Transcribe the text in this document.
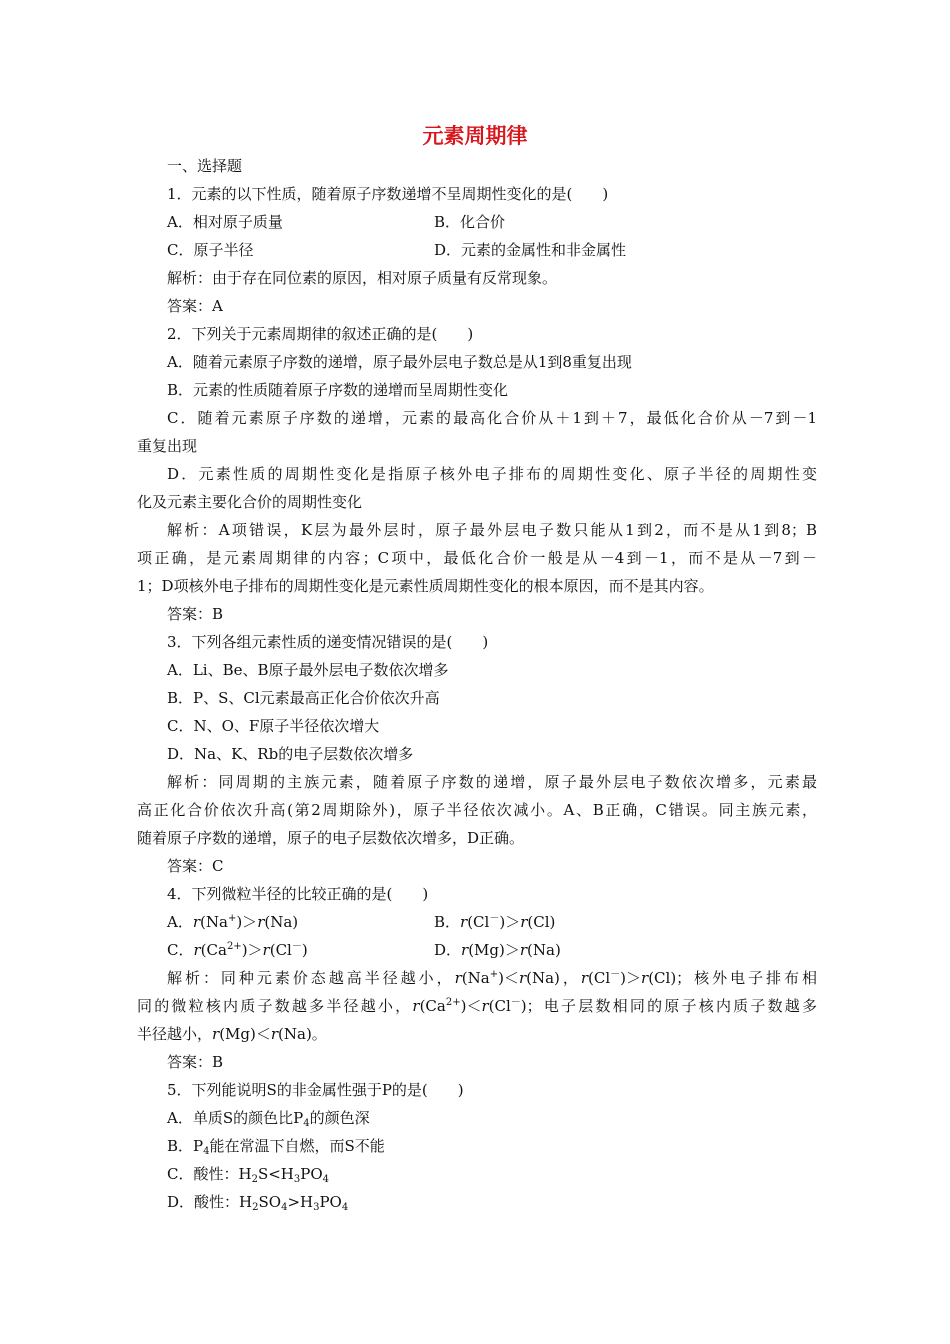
元素周期律
一、选择题
1．元素的以下性质，随着原子序数递增不呈周期性变化的是(　　)
A．相对原子质量	B．化合价
C．原子半径	D．元素的金属性和非金属性
解析：由于存在同位素的原因，相对原子质量有反常现象。
答案：A
2．下列关于元素周期律的叙述正确的是(　　)
A．随着元素原子序数的递增，原子最外层电子数总是从1到8重复出现
B．元素的性质随着原子序数的递增而呈周期性变化
C．随着元素原子序数的递增，元素的最高化合价从＋1到＋7，最低化合价从－7到－1
重复出现
D．元素性质的周期性变化是指原子核外电子排布的周期性变化、原子半径的周期性变
化及元素主要化合价的周期性变化
解析：A项错误，K层为最外层时，原子最外层电子数只能从1到2，而不是从1到8；B
项正确，是元素周期律的内容；C项中，最低化合价一般是从－4到－1，而不是从－7到－
1；D项核外电子排布的周期性变化是元素性质周期性变化的根本原因，而不是其内容。
答案：B
3．下列各组元素性质的递变情况错误的是(　　)
A．Li、Be、B原子最外层电子数依次增多
B．P、S、Cl元素最高正化合价依次升高
C．N、O、F原子半径依次增大
D．Na、K、Rb的电子层数依次增多
解析：同周期的主族元素，随着原子序数的递增，原子最外层电子数依次增多，元素最
高正化合价依次升高(第2周期除外)，原子半径依次减小。A、B正确，C错误。同主族元素，
随着原子序数的递增，原子的电子层数依次增多，D正确。
答案：C
4．下列微粒半径的比较正确的是(　　)
A．r(Na+)＞r(Na)	B．r(Cl－)＞r(Cl)
C．$r(Ca^{2+})>r(Cl^-)$	D．r(Mg)＞r(Na)
解析：同种元素价态越高半径越小，r(Na+)＜r(Na)，r(Cl－)＞r(Cl)；核外电子排布相
同的微粒核内质子数越多半径越小，$r(Ca^{2+})<r(Cl^-)$；电子层数相同的原子核内质子数越多
半径越小，r(Mg)＜r(Na)。
答案：B
5．下列能说明S的非金属性强于P的是(　　)
A．单质S的颜色比$P_4$的颜色深
B．$P_4$能在常温下自燃，而S不能
C．酸性：$H_2S<H_3PO_4$
D．酸性：$H_2SO_4>H_3PO_4$
